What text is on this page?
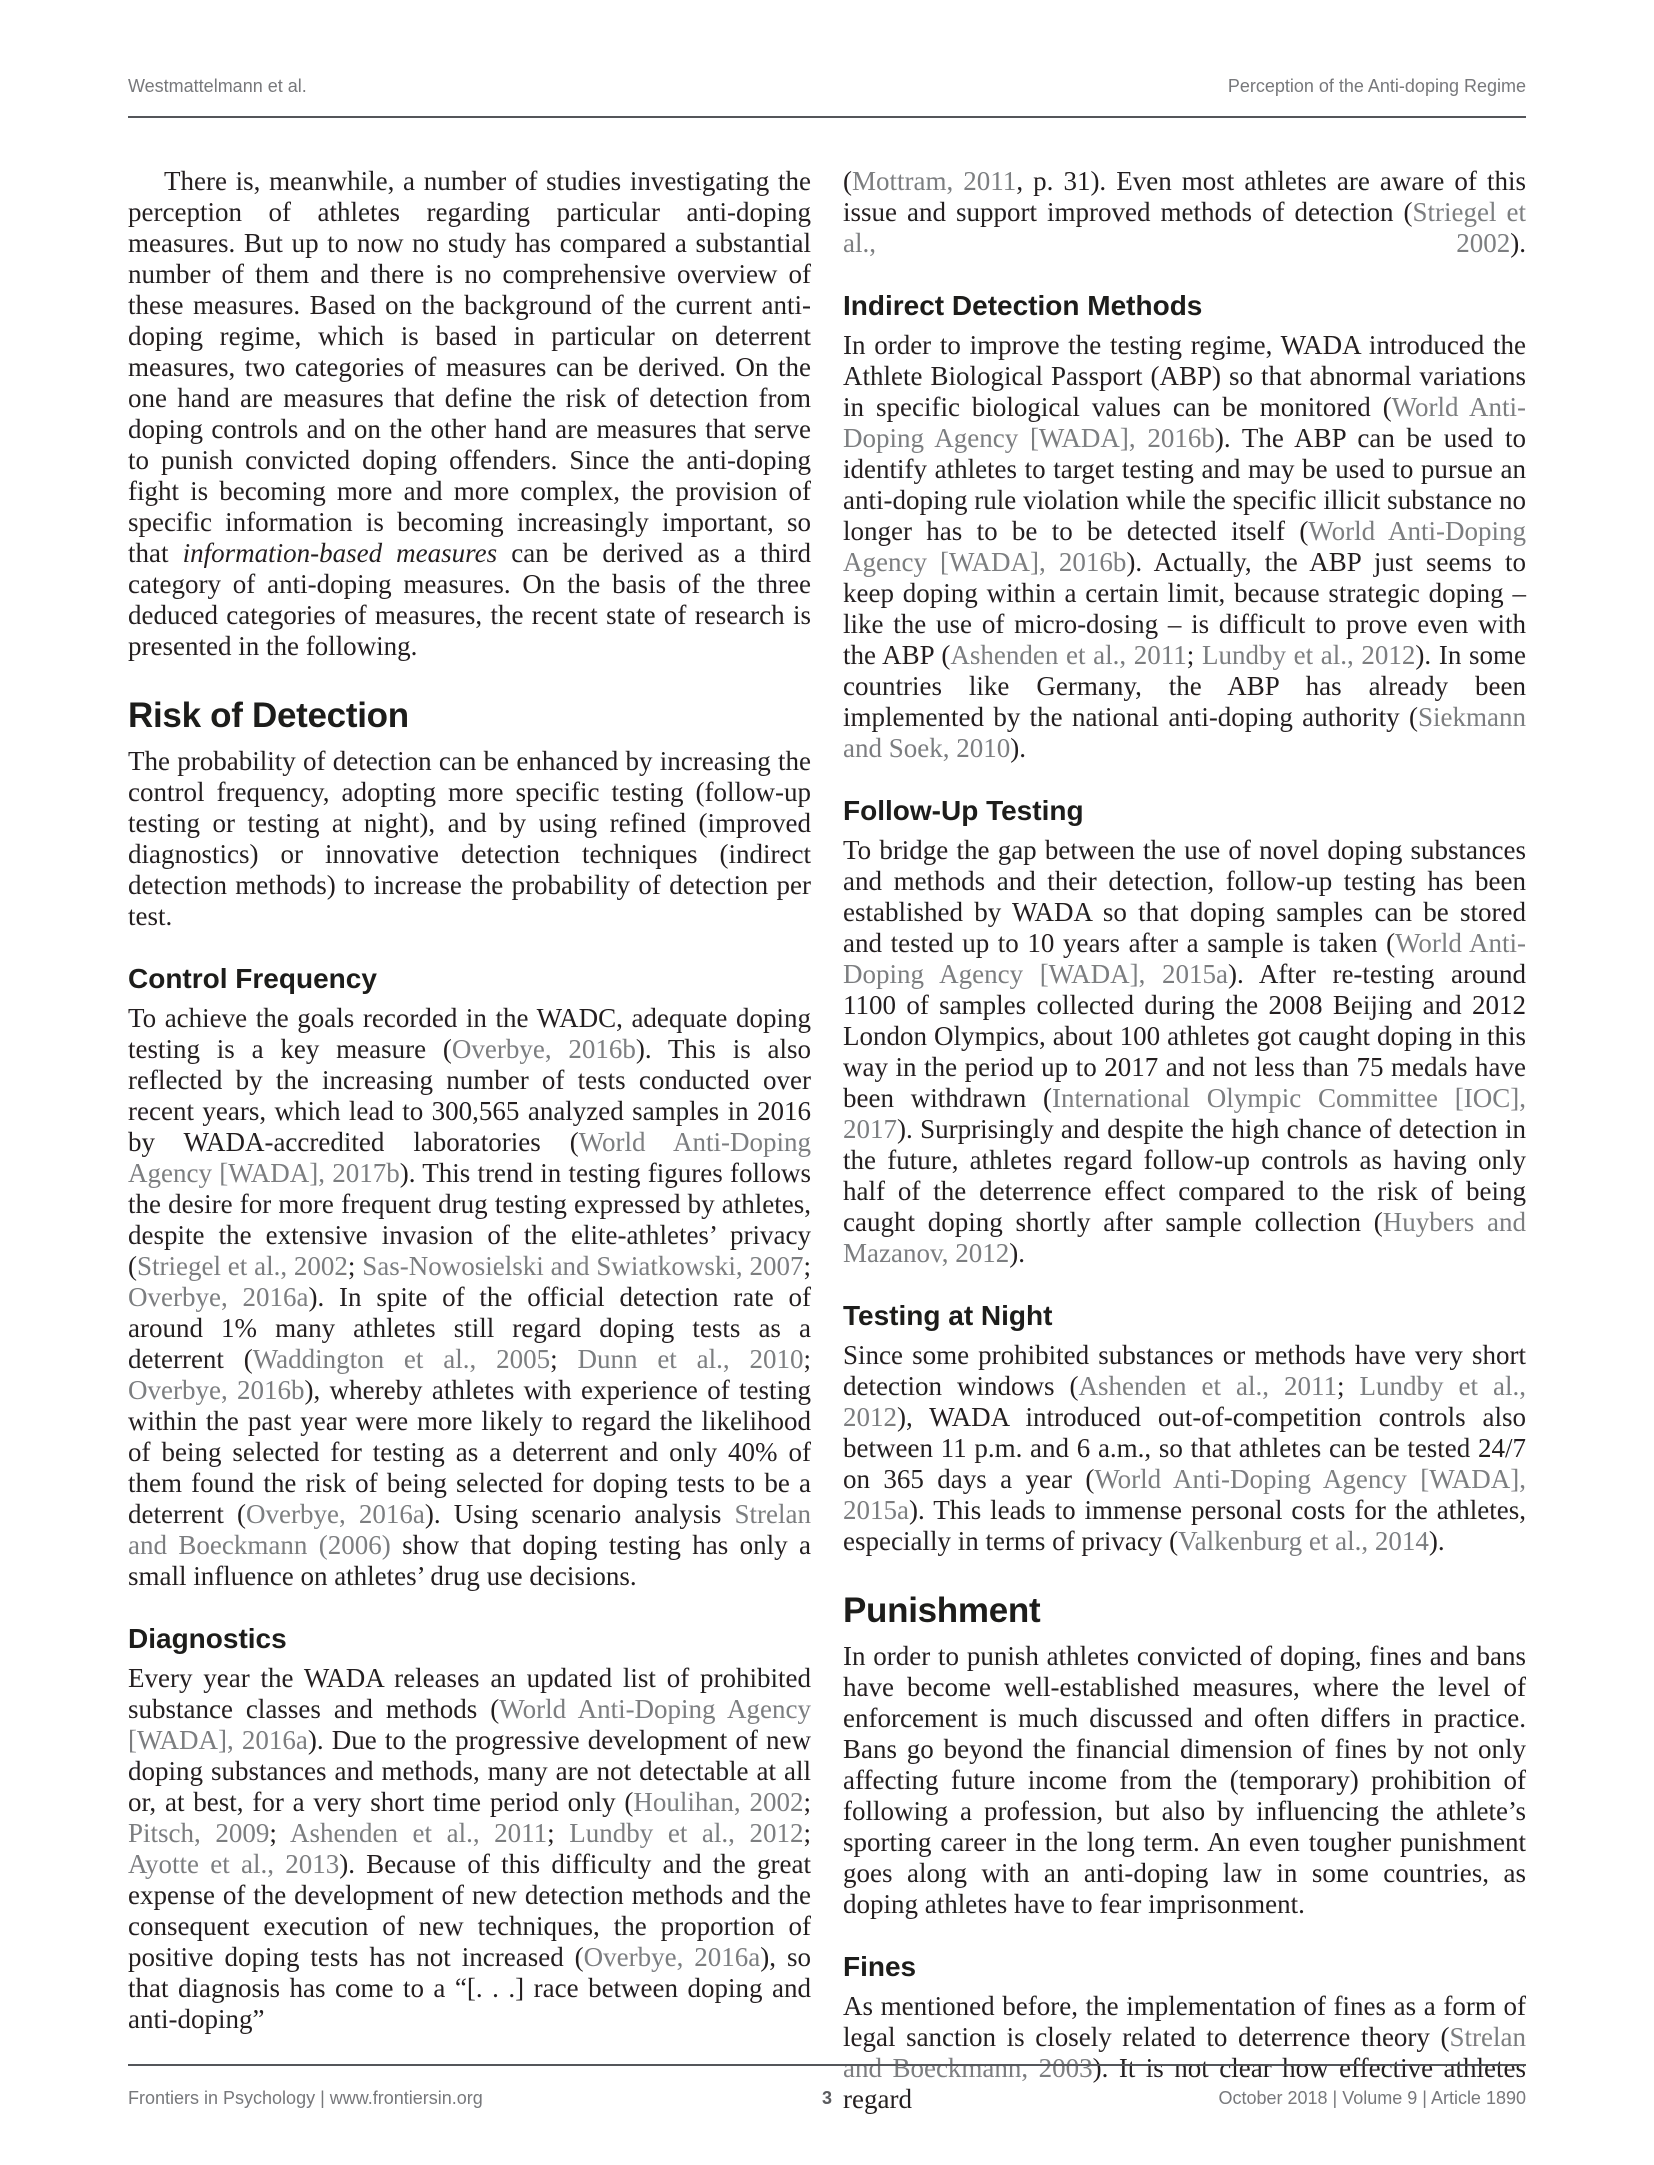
Westmattelmann et al.	Perception of the Anti-doping Regime

There is, meanwhile, a number of studies investigating the perception of athletes regarding particular anti-doping measures. But up to now no study has compared a substantial number of them and there is no comprehensive overview of these measures. Based on the background of the current anti-doping regime, which is based in particular on deterrent measures, two categories of measures can be derived. On the one hand are measures that define the risk of detection from doping controls and on the other hand are measures that serve to punish convicted doping offenders. Since the anti-doping fight is becoming more and more complex, the provision of specific information is becoming increasingly important, so that information-based measures can be derived as a third category of anti-doping measures. On the basis of the three deduced categories of measures, the recent state of research is presented in the following.

Risk of Detection

The probability of detection can be enhanced by increasing the control frequency, adopting more specific testing (follow-up testing or testing at night), and by using refined (improved diagnostics) or innovative detection techniques (indirect detection methods) to increase the probability of detection per test.

Control Frequency

To achieve the goals recorded in the WADC, adequate doping testing is a key measure (Overbye, 2016b). This is also reflected by the increasing number of tests conducted over recent years, which lead to 300,565 analyzed samples in 2016 by WADA-accredited laboratories (World Anti-Doping Agency [WADA], 2017b). This trend in testing figures follows the desire for more frequent drug testing expressed by athletes, despite the extensive invasion of the elite-athletes’ privacy (Striegel et al., 2002; Sas-Nowosielski and Swiatkowski, 2007; Overbye, 2016a). In spite of the official detection rate of around 1% many athletes still regard doping tests as a deterrent (Waddington et al., 2005; Dunn et al., 2010; Overbye, 2016b), whereby athletes with experience of testing within the past year were more likely to regard the likelihood of being selected for testing as a deterrent and only 40% of them found the risk of being selected for doping tests to be a deterrent (Overbye, 2016a). Using scenario analysis Strelan and Boeckmann (2006) show that doping testing has only a small influence on athletes’ drug use decisions.

Diagnostics

Every year the WADA releases an updated list of prohibited substance classes and methods (World Anti-Doping Agency [WADA], 2016a). Due to the progressive development of new doping substances and methods, many are not detectable at all or, at best, for a very short time period only (Houlihan, 2002; Pitsch, 2009; Ashenden et al., 2011; Lundby et al., 2012; Ayotte et al., 2013). Because of this difficulty and the great expense of the development of new detection methods and the consequent execution of new techniques, the proportion of positive doping tests has not increased (Overbye, 2016a), so that diagnosis has come to a “[. . .] race between doping and anti-doping”

(Mottram, 2011, p. 31). Even most athletes are aware of this issue and support improved methods of detection (Striegel et al., 2002).

Indirect Detection Methods

In order to improve the testing regime, WADA introduced the Athlete Biological Passport (ABP) so that abnormal variations in specific biological values can be monitored (World Anti-Doping Agency [WADA], 2016b). The ABP can be used to identify athletes to target testing and may be used to pursue an anti-doping rule violation while the specific illicit substance no longer has to be to be detected itself (World Anti-Doping Agency [WADA], 2016b). Actually, the ABP just seems to keep doping within a certain limit, because strategic doping – like the use of micro-dosing – is difficult to prove even with the ABP (Ashenden et al., 2011; Lundby et al., 2012). In some countries like Germany, the ABP has already been implemented by the national anti-doping authority (Siekmann and Soek, 2010).

Follow-Up Testing

To bridge the gap between the use of novel doping substances and methods and their detection, follow-up testing has been established by WADA so that doping samples can be stored and tested up to 10 years after a sample is taken (World Anti-Doping Agency [WADA], 2015a). After re-testing around 1100 of samples collected during the 2008 Beijing and 2012 London Olympics, about 100 athletes got caught doping in this way in the period up to 2017 and not less than 75 medals have been withdrawn (International Olympic Committee [IOC], 2017). Surprisingly and despite the high chance of detection in the future, athletes regard follow-up controls as having only half of the deterrence effect compared to the risk of being caught doping shortly after sample collection (Huybers and Mazanov, 2012).

Testing at Night

Since some prohibited substances or methods have very short detection windows (Ashenden et al., 2011; Lundby et al., 2012), WADA introduced out-of-competition controls also between 11 p.m. and 6 a.m., so that athletes can be tested 24/7 on 365 days a year (World Anti-Doping Agency [WADA], 2015a). This leads to immense personal costs for the athletes, especially in terms of privacy (Valkenburg et al., 2014).

Punishment

In order to punish athletes convicted of doping, fines and bans have become well-established measures, where the level of enforcement is much discussed and often differs in practice. Bans go beyond the financial dimension of fines by not only affecting future income from the (temporary) prohibition of following a profession, but also by influencing the athlete’s sporting career in the long term. An even tougher punishment goes along with an anti-doping law in some countries, as doping athletes have to fear imprisonment.

Fines

As mentioned before, the implementation of fines as a form of legal sanction is closely related to deterrence theory (Strelan and Boeckmann, 2003). It is not clear how effective athletes regard

Frontiers in Psychology | www.frontiersin.org	3	October 2018 | Volume 9 | Article 1890
